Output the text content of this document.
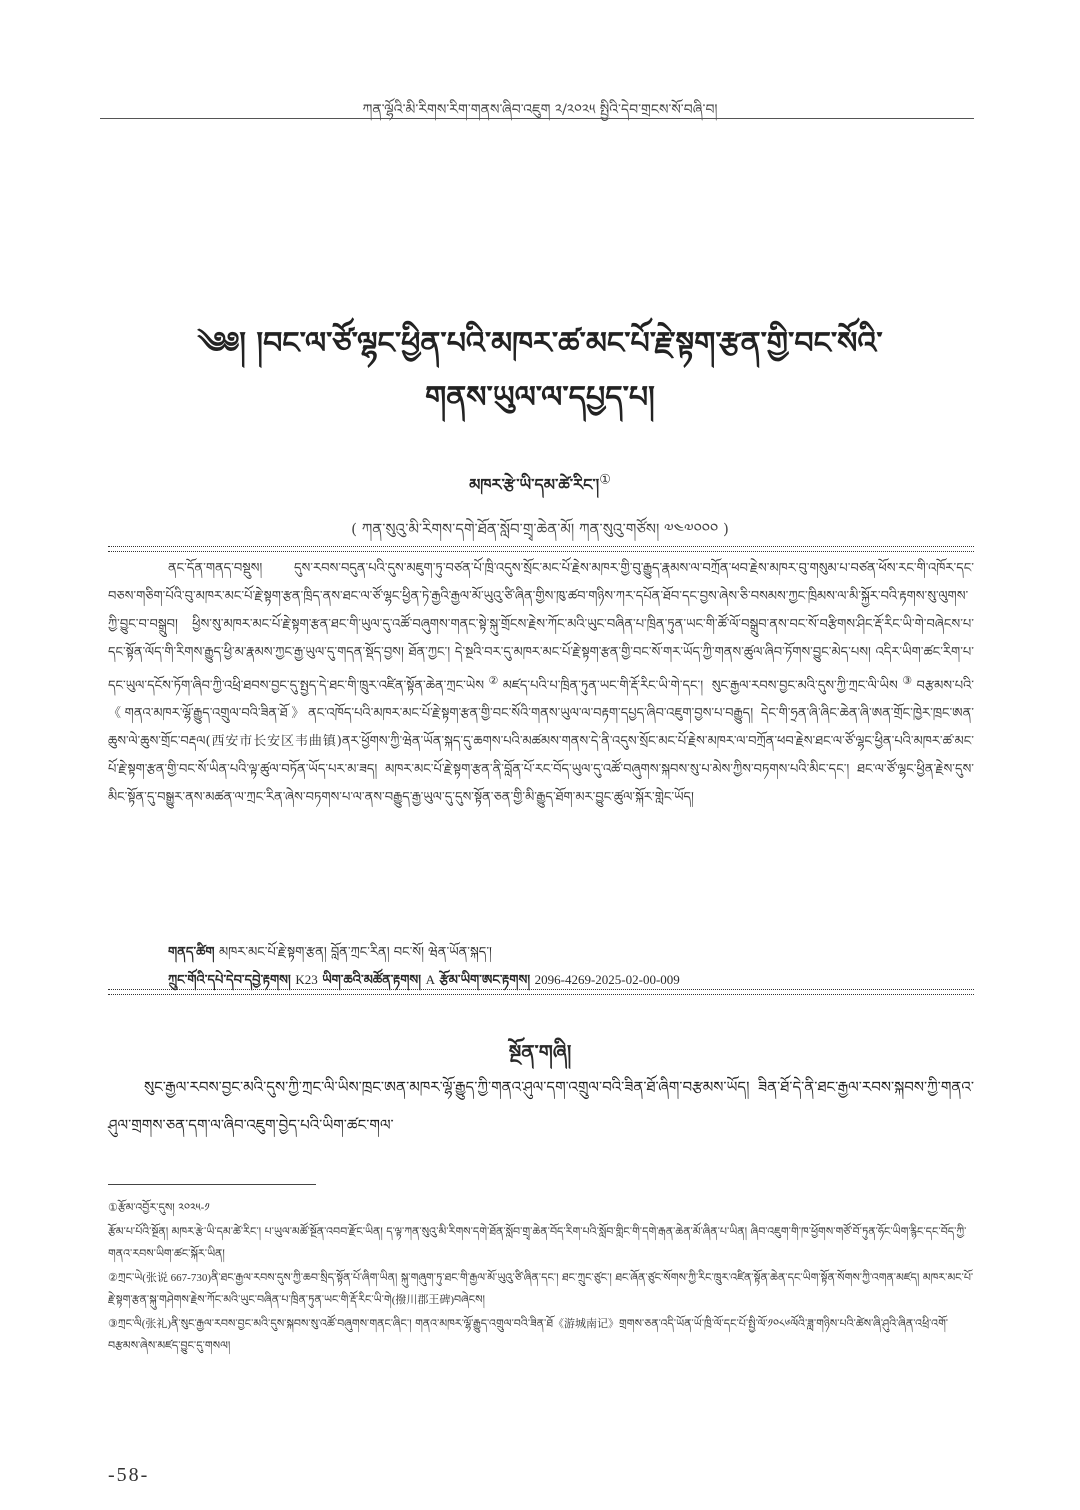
ཀན་ལྷོའི་མི་རིགས་རིག་གནས་ཞིབ་འཇུག ༢/༢༠༢༥ སྤྱིའི་དེབ་གྲངས་སོ་བཞི་བ།
༄༅། །བང་ལ་ཙོ་ལྷང་ཕྱིན་པའི་མཁར་ཚ་མང་པོ་རྗེ་སྟག་རྩན་གྱི་བང་སོའི་
གནས་ཡུལ་ལ་དཔྱད་པ།
མཁར་རྩེ་ཡི་དམ་ཚེ་རིང་།①
( ཀན་སུའུ་མི་རིགས་དགེ་ཐོན་སློབ་གྲྭ་ཆེན་མོ། ཀན་སུའུ་གཙོས། ༧༤༧༠༠༠ )

ནང་དོན་གནད་བསྡུས། དུས་རབས་བདུན་པའི་དུས་མཇུག་ཏུ་བཙན་པོ་ཁྲི་འདུས་སྲོང་མང་པོ་རྗེས་མཁར་གྱི་བུ་རྒྱུད་རྣམས་ལ་བཀྲོན་ཕབ་རྗེས་མཁར་བུ་གསུམ་པ་བཙན་ཕོས་རང་གི་འཁོར་དང་བཅས་གཅིག་པོའི་བུ་མཁར་མང་པོ་རྗེ་སྟག་རྩན་ཁྲིད་ནས་ཐང་ལ་ཙོ་ལྷང་ཕྱིན་ཏེ་རྒྱའི་རྒྱལ་མོ་ཡུའུ་ཙི་ཞིན་གྱིས་ཁུ་ཚབ་གཉིས་ཀར་དཔོན་ཐོབ་དང་བྱས་ཞེས་ཅི་བསམས་ཀྱང་ཁྲིམས་ལ་མི་སྐྱོར་བའི་རྟགས་སུ་ལུགས་ཀྱི་བྱུང་བ་བསྒྲུབ། ཕྱིས་སུ་མཁར་མང་པོ་རྗེ་སྟག་རྩན་ཐང་གི་ཡུལ་དུ་འཚོ་བཞུགས་གནང་སྟེ་སྐུ་གྲོངས་རྗེས་ཀོང་མའི་ཡུང་བཞིན་པ་ཁྲིན་ཏུན་ཡང་གི་ཚོ་ལོ་བསྒྲུབ་ནས་བང་སོ་བརྩིགས་ཤིང་རྡོ་རིང་ཡི་གེ་བཞེངས་པ་དང་སྟོན་ལོད་གི་རིགས་རྒྱུད་ཕྱི་མ་རྣམས་ཀྱང་རྒྱ་ཡུལ་དུ་གདན་སྡོད་བྱས། ཐོན་ཀྱང་། དེ་སྔའི་བར་དུ་མཁར་མང་པོ་རྗེ་སྟག་རྩན་གྱི་བང་སོ་གར་ཡོད་ཀྱི་གནས་ཚུལ་ཞིབ་ཏོགས་བྱུང་མེད་པས། འདིར་ཡིག་ཚང་རིག་པ་དང་ཡུལ་དངོས་ཏོག་ཞིབ་ཀྱི་འཕྲི་ཐབས་བྱང་དུ་སྤྱད་དེ་ཐང་གི་ཁྲུར་འཛིན་སྟོན་ཆེན་ཀྲང་ཡེས②མཛད་པའི་པ་ཁྲིན་ཏུན་ཡང་གི་རྡོ་རིང་ཡི་གེ་དང་། སུང་རྒྱལ་རབས་བྱང་མའི་དུས་ཀྱི་ཀྲང་ལི་ཡིས③བརྩམས་པའི་《གནའ་མཁར་ལྷོ་རྒྱུད་འགྲུལ་བའི་ཟིན་ཐོ》ནང་འཁོད་པའི་མཁར་མང་པོ་རྗེ་སྟག་རྩན་གྱི་བང་སོའི་གནས་ཡུལ་ལ་བརྟག་དཔྱད་ཞིབ་འཇུག་བྱས་པ་བརྒྱུད། དེང་གི་ཧྲན་ཞི་ཞིང་ཆེན་ཞི་ཨན་གྲོང་ཁྱེར་ཁྲང་ཨན་ཆུས་ལེ་ཆུས་གྲོང་བརྡལ(西安市长安区韦曲镇)ནར་ཕྱོགས་ཀྱི་ཝེན་ཡོན་སྐད་དུ་ཆགས་པའི་མཚམས་གནས་དེ་ནི་འདུས་སྲོང་མང་པོ་རྗེས་མཁར་ལ་བཀྲོན་ཕབ་རྗེས་ཐང་ལ་ཙོ་ལྷང་ཕྱིན་པའི་མཁར་ཚ་མང་པོ་རྗེ་སྟག་རྩན་གྱི་བང་སོ་ཡིན་པའི་ལྟ་ཚུལ་བཏོན་ཡོད་པར་མ་ཟད། མཁར་མང་པོ་རྗེ་སྟག་རྩན་ནི་བློན་པོ་རང་བོད་ཡུལ་དུ་འཚོ་བཞུགས་སྐབས་སུ་པ་མེས་ཀྱིས་བཏགས་པའི་མིང་དང་། ཐང་ལ་ཙོ་ལྷང་ཕྱིན་རྗེས་དུས་མིང་སྟོན་དུ་བསྒྱུར་ནས་མཚན་ལ་ཀྲང་རིན་ཞེས་བཏགས་པ་ལ་ནས་བརྒྱུད་རྒྱ་ཡུལ་དུ་དུས་སྟོན་ཅན་གྱི་མི་རྒྱུད་ཐོག་མར་བྱུང་ཚུལ་སྐོར་གླེང་ཡོད།

གནད་ཚིག མཁར་མང་པོ་རྗེ་སྟག་རྩན། བློན་ཀྲང་རིན། བང་སོ། ཝེན་ཡོན་སྐད་།
ཀྲུང་གོའི་དཔེ་དེབ་དབྱེ་རྟགས། K23 ཡིག་ཆའི་མཚོན་རྟགས། A རྩོམ་ཡིག་ཨང་རྟགས། 2096-4269-2025-02-00-009
སྔོན་གཞི།

སུང་རྒྱལ་རབས་བྱང་མའི་དུས་ཀྱི་ཀྲང་ལི་ཡིས་ཁྲང་ཨན་མཁར་ལྷོ་རྒྱུད་ཀྱི་གནའ་ཤུལ་དག་འགྲུལ་བའི་ཟིན་ཐོ་ཞིག་བརྩམས་ཡོད། ཟིན་ཐོ་དེ་ནི་ཐང་རྒྱལ་རབས་སྐབས་ཀྱི་གནའ་ཤུལ་གྲགས་ཅན་དག་ལ་ཞིབ་འཇུག་བྱེད་པའི་ཡིག་ཚང་གལ་

①རྩོམ་འབྱོར་དུས། ༢༠༢༥-༡

རྩོམ་པ་པོའི་སྔོན། མཁར་རྩེ་ཡི་དམ་ཚེ་རིང་། པ་ཡུལ་མཚོ་སྔོན་འབབ་རྫོང་ཡིན། ད་ལྟ་ཀན་སུའུ་མི་རིགས་དགེ་ཐོན་སློབ་གྲྭ་ཆེན་བོད་རིག་པའི་སློབ་གླིང་གི་དགེ་རྒན་ཆེན་མོ་ཞིན་པ་ཡིན། ཞིབ་འཇུག་གི་ཁ་ཕྱོགས་གཙོ་བོ་ཏུན་ཧོང་ཡིག་རྙིང་དང་བོད་ཀྱི་གནའ་རབས་ཡིག་ཚང་སྐོར་ཡིན།

②ཀྲང་ཡེ(张说 667-730)ནི་ཐང་རྒྱལ་རབས་དུས་ཀྱི་ཆབ་སྲིད་སྟོན་པོ་ཞིག་ཡིན། སྐུ་གཞུག་ཏུ་ཐང་གི་རྒྱལ་མོ་ཡུའུ་ཙི་ཞིན་དང་། ཐང་ཀྲུང་ཙུང་། ཐང་ཞོན་ཙུང་སོགས་ཀྱི་རིང་ཁྲུར་འཛིན་སྟོན་ཆེན་དང་ཡིག་སྟོན་སོགས་ཀྱི་འགན་མཛད། མཁར་མང་པོ་རྗེ་སྟག་རྩན་སྐུ་གཤེགས་རྗེས་ཀོང་མའི་ཡུང་བཞིན་པ་ཁྲིན་ཏུན་ཡང་གི་རྡོ་རིང་ཡི་གེ(撥川郡王碑)བཞེངས།

③ཀྲང་ལི(张礼)ནི་སུང་རྒྱལ་རབས་བྱང་མའི་དུས་སྐབས་སུ་འཚོ་བཞུགས་གནང་ཞིང་། གནའ་མཁར་ལྷོ་རྒྱུད་འགྲུལ་བའི་ཟིན་ཐོ《游城南记》གྲགས་ཅན་འདི་ཡོན་ཡོ་ཁྲི་ལོ་དང་པོ་སྤྱི་ལོ་༡༠༨༦ལོའི་ཟླ་གཉིས་པའི་ཚེས་ཞི་ཤུའི་ཞིན་འཕྲི་འགོ་བརྩམས་ཞེས་མཛད་བྱུང་དུ་གསལ།

-58-
